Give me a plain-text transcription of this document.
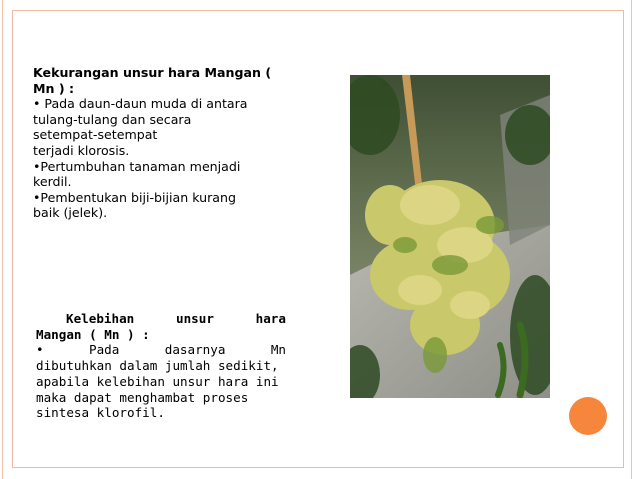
Kekurangan unsur hara Mangan (
Mn ) :
• Pada daun-daun muda di antara
tulang-tulang dan secara
setempat-setempat
terjadi klorosis.
•Pertumbuhan tanaman menjadi
kerdil.
•Pembentukan biji-bijian kurang
baik (jelek).
Kelebihan	unsur	hara
Mangan ( Mn ) :
•	Pada	dasarnya	Mn
dibutuhkan dalam jumlah sedikit,
apabila kelebihan unsur hara ini
maka dapat menghambat proses
sintesa klorofil.
